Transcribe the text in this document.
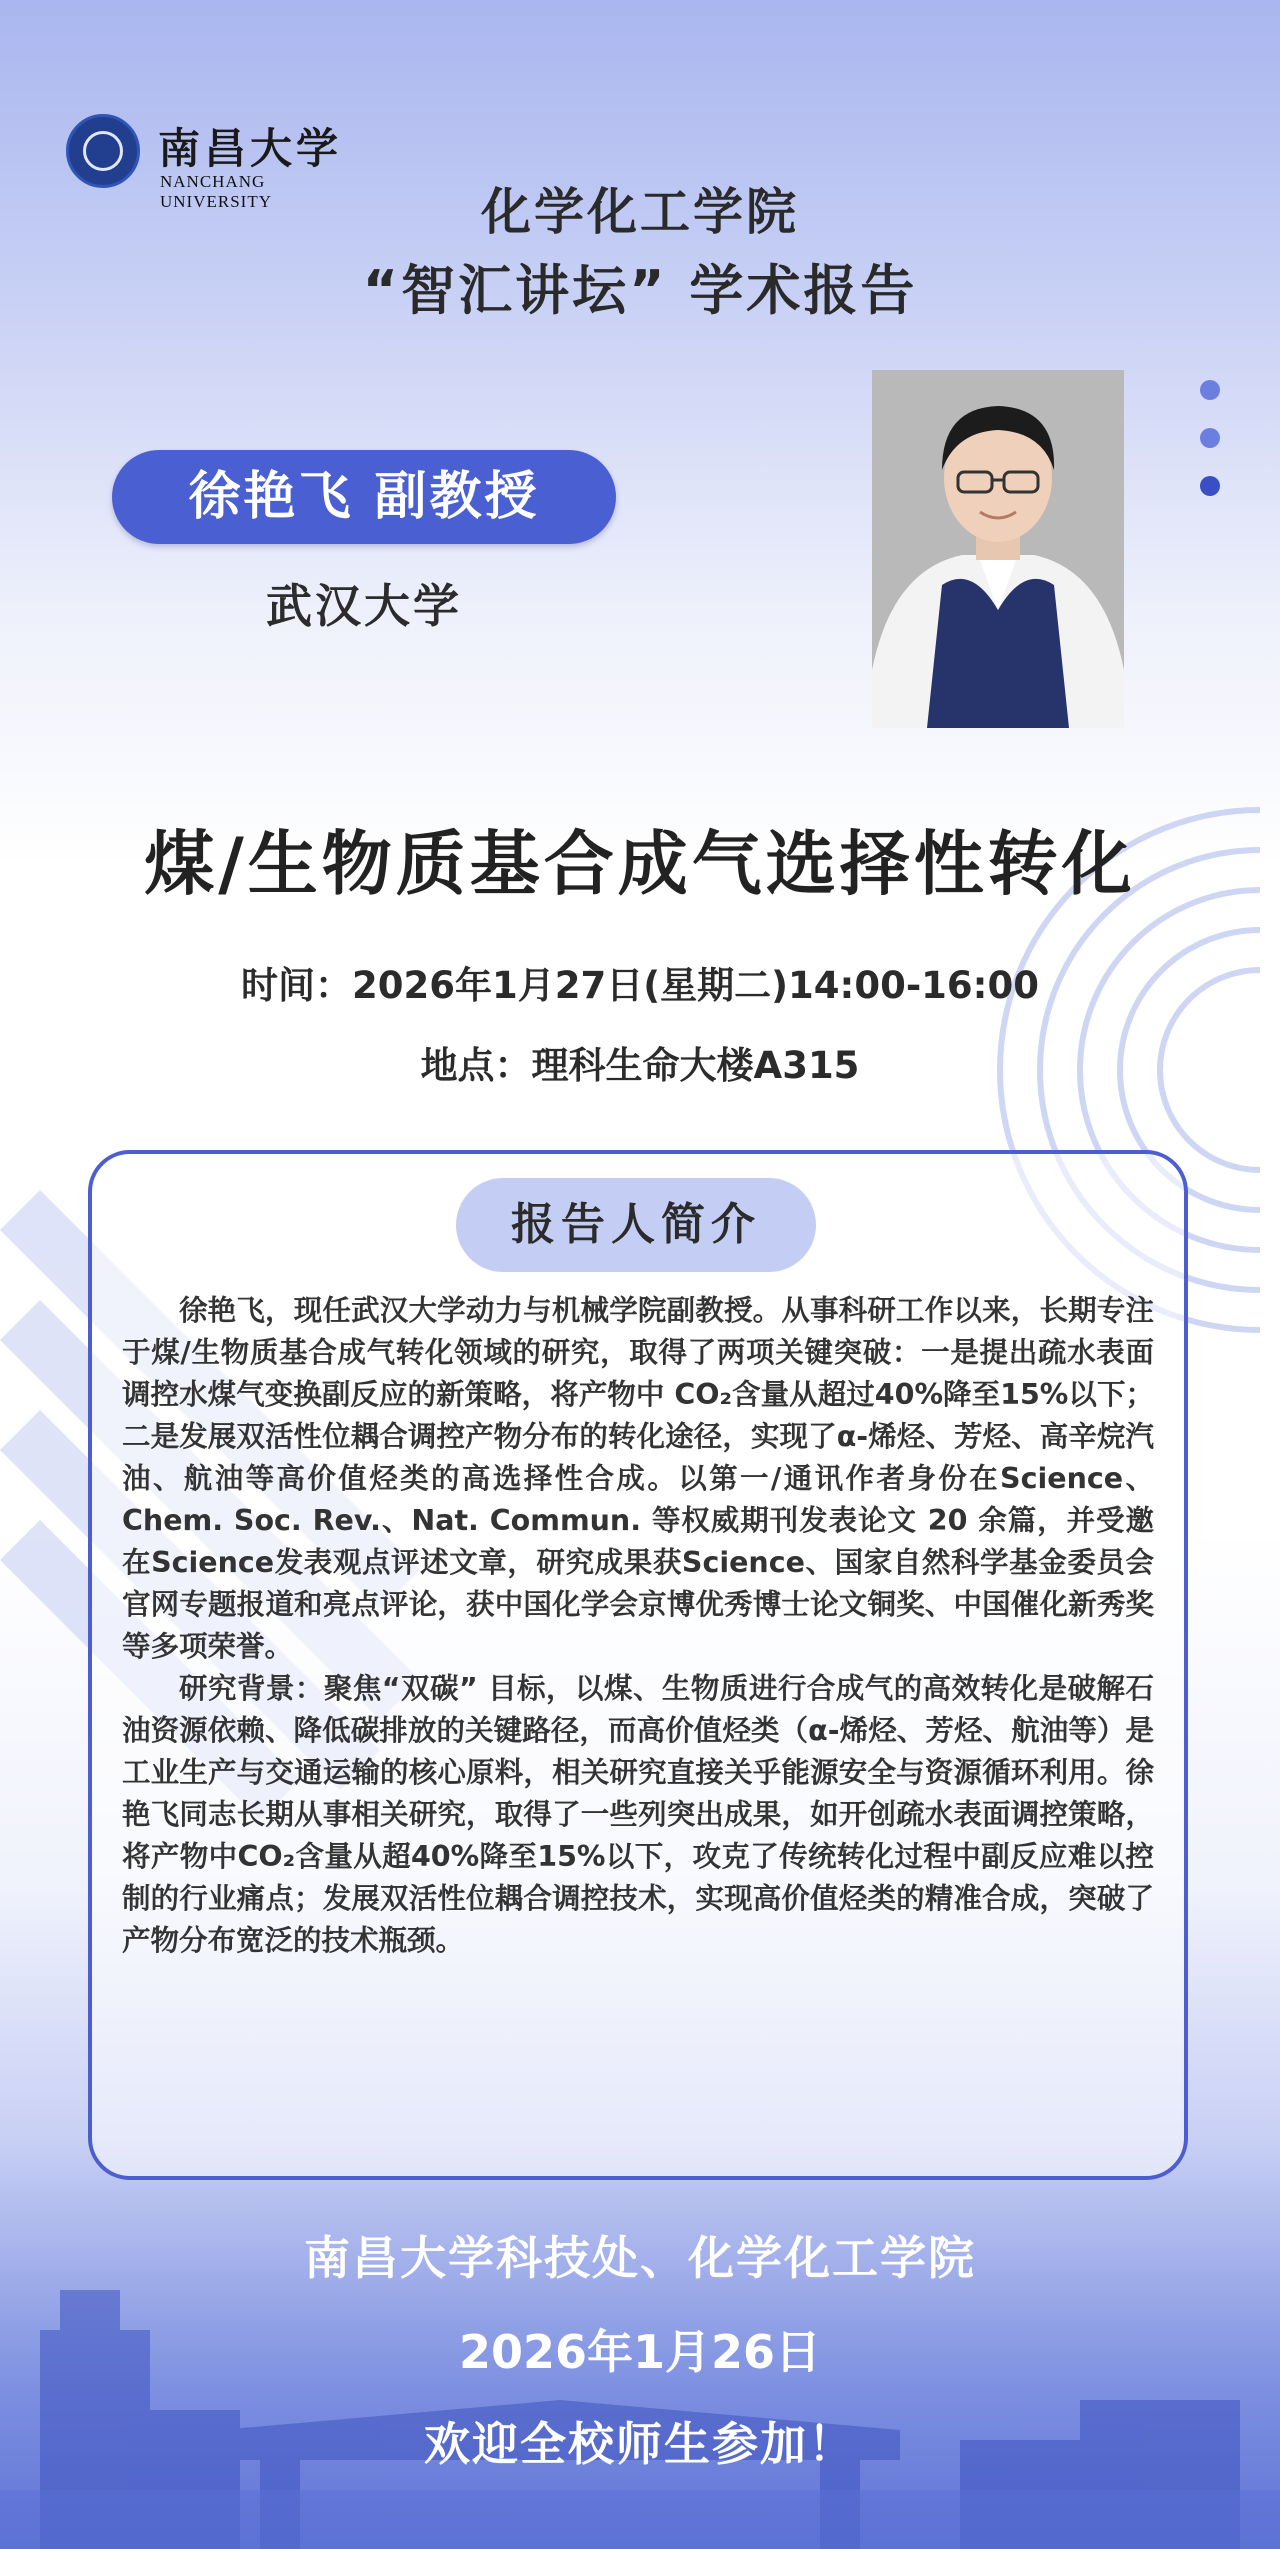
南昌大学
NANCHANG UNIVERSITY	化学化工学院
“智汇讲坛” 学术报告
徐艳飞 副教授
武汉大学
煤/生物质基合成气选择性转化
时间：2026年1月27日(星期二)14:00-16:00
地点：理科生命大楼A315
报告人简介

徐艳飞，现任武汉大学动力与机械学院副教授。从事科研工作以来，长期专注于煤/生物质基合成气转化领域的研究，取得了两项关键突破：一是提出疏水表面调控水煤气变换副反应的新策略，将产物中 CO₂含量从超过40%降至15%以下；二是发展双活性位耦合调控产物分布的转化途径，实现了α-烯烃、芳烃、高辛烷汽油、航油等高价值烃类的高选择性合成。以第一/通讯作者身份在Science、Chem. Soc. Rev.、Nat. Commun. 等权威期刊发表论文 20 余篇，并受邀在Science发表观点评述文章，研究成果获Science、国家自然科学基金委员会官网专题报道和亮点评论，获中国化学会京博优秀博士论文铜奖、中国催化新秀奖等多项荣誉。

研究背景：聚焦“双碳” 目标，以煤、生物质进行合成气的高效转化是破解石油资源依赖、降低碳排放的关键路径，而高价值烃类（α-烯烃、芳烃、航油等）是工业生产与交通运输的核心原料，相关研究直接关乎能源安全与资源循环利用。徐艳飞同志长期从事相关研究，取得了一些列突出成果，如开创疏水表面调控策略，将产物中CO₂含量从超40%降至15%以下，攻克了传统转化过程中副反应难以控制的行业痛点；发展双活性位耦合调控技术，实现高价值烃类的精准合成，突破了产物分布宽泛的技术瓶颈。

南昌大学科技处、化学化工学院
2026年1月26日
欢迎全校师生参加！
